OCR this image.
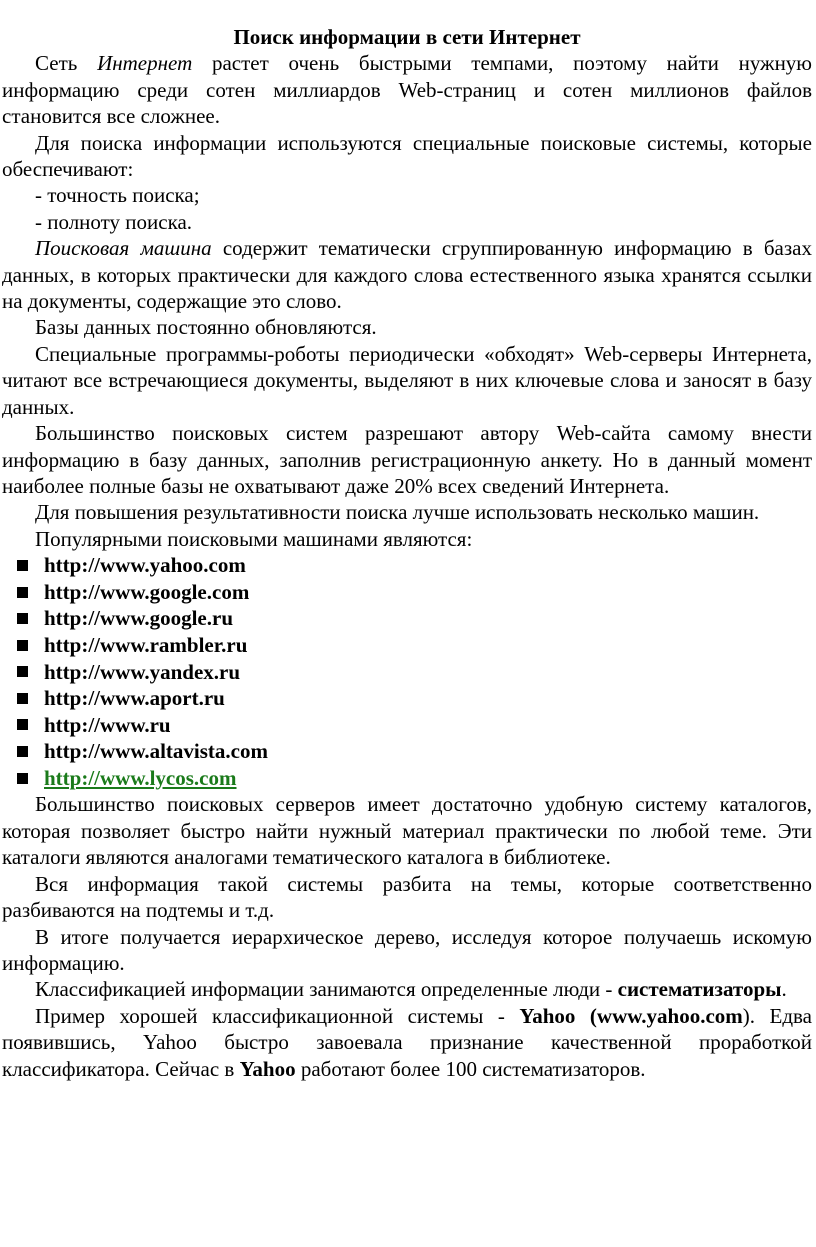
Поиск информации в сети Интернет

Сеть Интернет растет очень быстрыми темпами, поэтому найти нужную информацию среди сотен миллиардов Web-страниц и сотен миллионов файлов становится все сложнее.

Для поиска информации используются специальные поисковые системы, которые обеспечивают:

- точность поиска;

- полноту поиска.

Поисковая машина содержит тематически сгруппированную информацию в базах данных, в которых практически для каждого слова естественного языка хранятся ссылки на документы, содержащие это слово.

Базы данных постоянно обновляются.

Специальные программы-роботы периодически «обходят» Web-серверы Интернета, читают все встречающиеся документы, выделяют в них ключевые слова и заносят в базу данных.

Большинство поисковых систем разрешают автору Web-сайта самому внести информацию в базу данных, заполнив регистрационную анкету. Но в данный момент наиболее полные базы не охватывают даже 20% всех сведений Интернета.

Для повышения результативности поиска лучше использовать несколько машин.

Популярными поисковыми машинами являются:

http://www.yahoo.com
http://www.google.com
http://www.google.ru
http://www.rambler.ru
http://www.yandex.ru
http://www.aport.ru
http://www.ru
http://www.altavista.com
http://www.lycos.com

Большинство поисковых серверов имеет достаточно удобную систему каталогов, которая позволяет быстро найти нужный материал практически по любой теме. Эти каталоги являются аналогами тематического каталога в библиотеке.

Вся информация такой системы разбита на темы, которые соответственно разбиваются на подтемы и т.д.

В итоге получается иерархическое дерево, исследуя которое получаешь искомую информацию.

Классификацией информации занимаются определенные люди - систематизаторы.

Пример хорошей классификационной системы - Yahoo (www.yahoo.com). Едва появившись, Yahoo быстро завоевала признание качественной проработкой классификатора. Сейчас в Yahoo работают более 100 систематизаторов.
